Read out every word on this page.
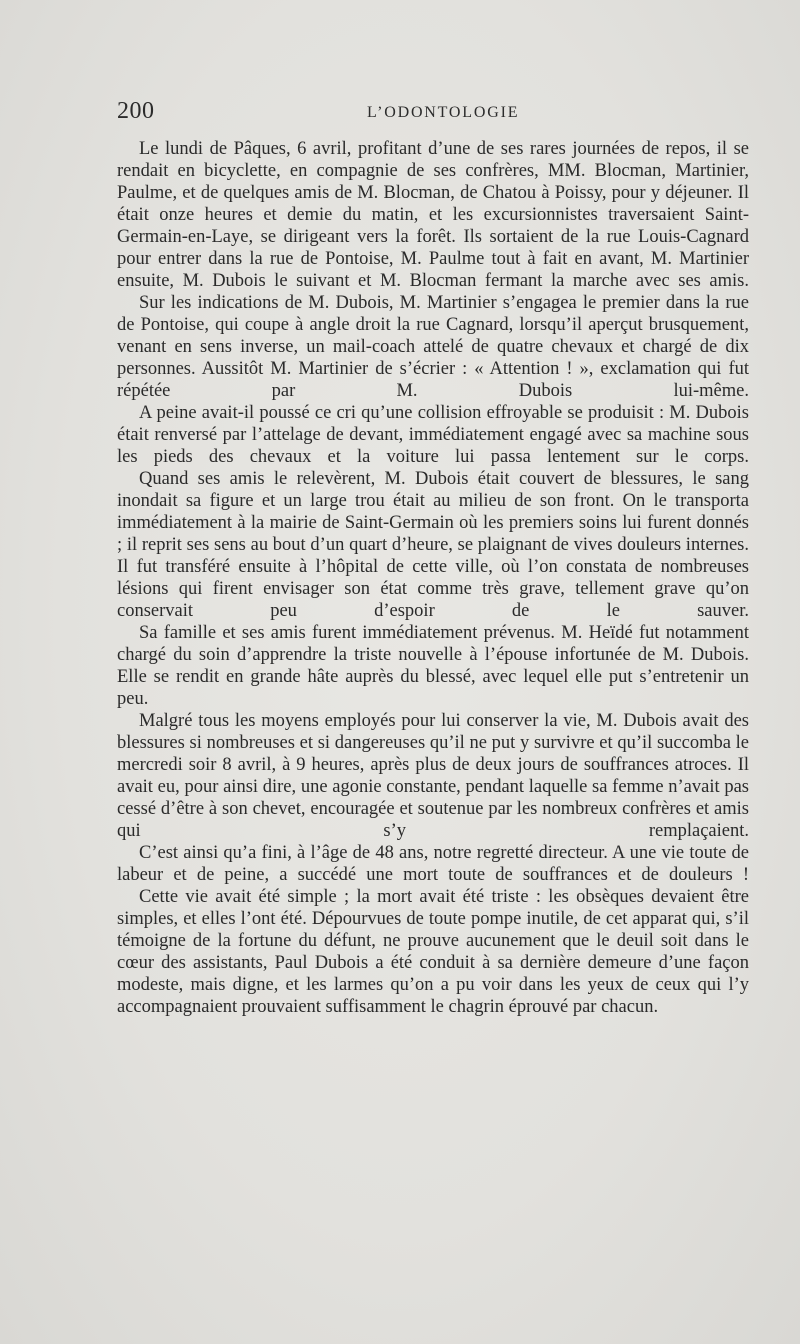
200	L’ODONTOLOGIE

Le lundi de Pâques, 6 avril, profitant d’une de ses rares journées de repos, il se rendait en bicyclette, en compagnie de ses confrères, MM. Blocman, Martinier, Paulme, et de quelques amis de M. Blocman, de Chatou à Poissy, pour y déjeuner. Il était onze heures et demie du matin, et les excursionnistes traversaient Saint-Germain-en-Laye, se dirigeant vers la forêt. Ils sortaient de la rue Louis-Cagnard pour entrer dans la rue de Pontoise, M. Paulme tout à fait en avant, M. Martinier ensuite, M. Dubois le suivant et M. Blocman fermant la marche avec ses amis.

Sur les indications de M. Dubois, M. Martinier s’engagea le premier dans la rue de Pontoise, qui coupe à angle droit la rue Cagnard, lorsqu’il aperçut brusquement, venant en sens inverse, un mail-coach attelé de quatre chevaux et chargé de dix personnes. Aussitôt M. Martinier de s’écrier : « Attention ! », exclamation qui fut répétée par M. Dubois lui-même.

A peine avait-il poussé ce cri qu’une collision effroyable se produisit : M. Dubois était renversé par l’attelage de devant, immédiatement engagé avec sa machine sous les pieds des chevaux et la voiture lui passa lentement sur le corps.

Quand ses amis le relevèrent, M. Dubois était couvert de blessures, le sang inondait sa figure et un large trou était au milieu de son front. On le transporta immédiatement à la mairie de Saint-Germain où les premiers soins lui furent donnés ; il reprit ses sens au bout d’un quart d’heure, se plaignant de vives douleurs internes. Il fut transféré ensuite à l’hôpital de cette ville, où l’on constata de nombreuses lésions qui firent envisager son état comme très grave, tellement grave qu’on conservait peu d’espoir de le sauver.

Sa famille et ses amis furent immédiatement prévenus. M. Heïdé fut notamment chargé du soin d’apprendre la triste nouvelle à l’épouse infortunée de M. Dubois. Elle se rendit en grande hâte auprès du blessé, avec lequel elle put s’entretenir un peu.

Malgré tous les moyens employés pour lui conserver la vie, M. Dubois avait des blessures si nombreuses et si dangereuses qu’il ne put y survivre et qu’il succomba le mercredi soir 8 avril, à 9 heures, après plus de deux jours de souffrances atroces. Il avait eu, pour ainsi dire, une agonie constante, pendant laquelle sa femme n’avait pas cessé d’être à son chevet, encouragée et soutenue par les nombreux confrères et amis qui s’y remplaçaient.

C’est ainsi qu’a fini, à l’âge de 48 ans, notre regretté directeur. A une vie toute de labeur et de peine, a succédé une mort toute de souffrances et de douleurs !

Cette vie avait été simple ; la mort avait été triste : les obsèques devaient être simples, et elles l’ont été. Dépourvues de toute pompe inutile, de cet apparat qui, s’il témoigne de la fortune du défunt, ne prouve aucunement que le deuil soit dans le cœur des assistants, Paul Dubois a été conduit à sa dernière demeure d’une façon modeste, mais digne, et les larmes qu’on a pu voir dans les yeux de ceux qui l’y accompagnaient prouvaient suffisamment le chagrin éprouvé par chacun.
